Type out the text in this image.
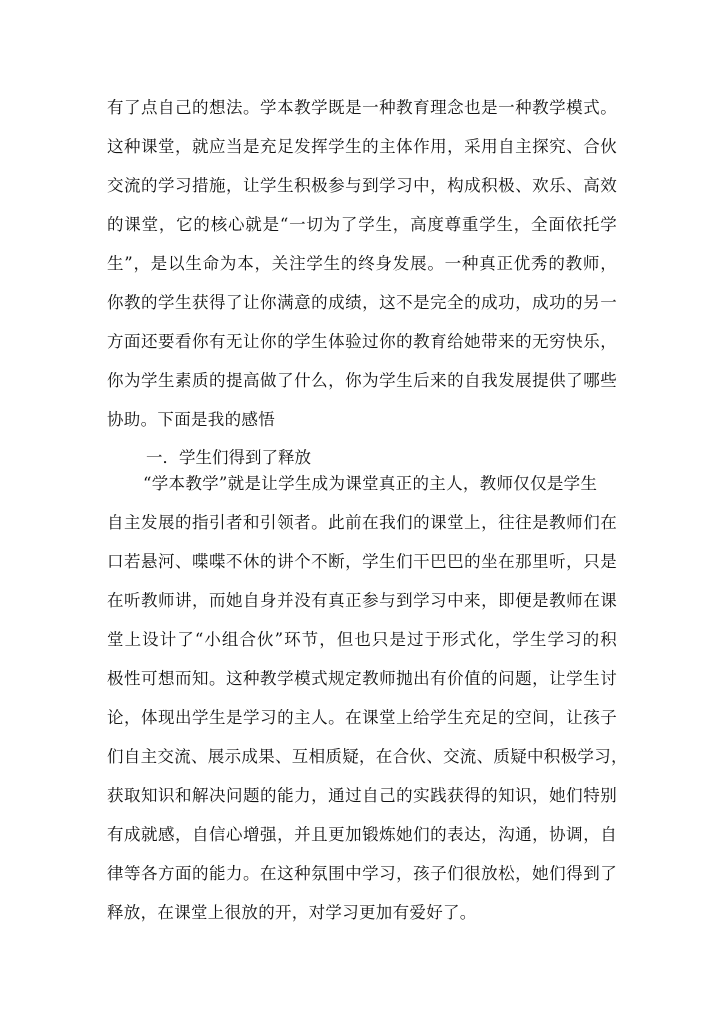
有了点自己的想法。学本教学既是一种教育理念也是一种教学模式。
这种课堂，就应当是充足发挥学生的主体作用，采用自主探究、合伙
交流的学习措施，让学生积极参与到学习中，构成积极、欢乐、高效
的课堂，它的核心就是“一切为了学生，高度尊重学生，全面依托学
生”，是以生命为本，关注学生的终身发展。一种真正优秀的教师，
你教的学生获得了让你满意的成绩，这不是完全的成功，成功的另一
方面还要看你有无让你的学生体验过你的教育给她带来的无穷快乐，
你为学生素质的提高做了什么，你为学生后来的自我发展提供了哪些
协助。下面是我的感悟
一．学生们得到了释放
“学本教学”就是让学生成为课堂真正的主人，教师仅仅是学生
自主发展的指引者和引领者。此前在我们的课堂上，往往是教师们在
口若悬河、喋喋不休的讲个不断，学生们干巴巴的坐在那里听，只是
在听教师讲，而她自身并没有真正参与到学习中来，即便是教师在课
堂上设计了“小组合伙”环节，但也只是过于形式化，学生学习的积
极性可想而知。这种教学模式规定教师抛出有价值的问题，让学生讨
论，体现出学生是学习的主人。在课堂上给学生充足的空间，让孩子
们自主交流、展示成果、互相质疑，在合伙、交流、质疑中积极学习，
获取知识和解决问题的能力，通过自己的实践获得的知识，她们特别
有成就感，自信心增强，并且更加锻炼她们的表达，沟通，协调，自
律等各方面的能力。在这种氛围中学习，孩子们很放松，她们得到了
释放，在课堂上很放的开，对学习更加有爱好了。
